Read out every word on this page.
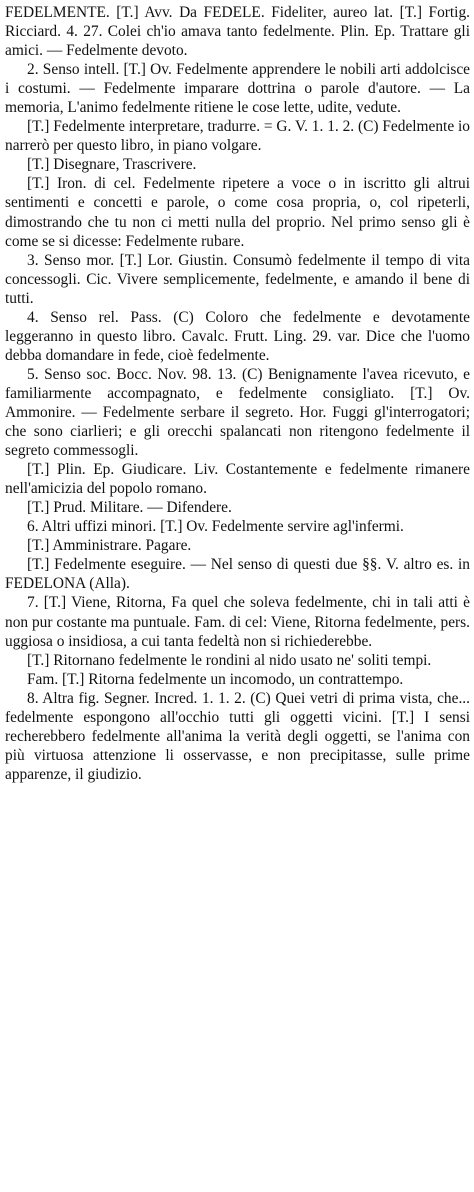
FEDELMENTE. [T.] Avv. Da FEDELE. Fideliter, aureo lat. [T.] Fortig. Ricciard. 4. 27. Colei ch'io amava tanto fedelmente. Plin. Ep. Trattare gli amici. — Fedelmente devoto.

2. Senso intell. [T.] Ov. Fedelmente apprendere le nobili arti addolcisce i costumi. — Fedelmente imparare dottrina o parole d'autore. — La memoria, L'animo fedelmente ritiene le cose lette, udite, vedute.

[T.] Fedelmente interpretare, tradurre. = G. V. 1. 1. 2. (C) Fedelmente io narrerò per questo libro, in piano volgare.

[T.] Disegnare, Trascrivere.

[T.] Iron. di cel. Fedelmente ripetere a voce o in iscritto gli altrui sentimenti e concetti e parole, o come cosa propria, o, col ripeterli, dimostrando che tu non ci metti nulla del proprio. Nel primo senso gli è come se si dicesse: Fedelmente rubare.

3. Senso mor. [T.] Lor. Giustin. Consumò fedelmente il tempo di vita concessogli. Cic. Vivere semplicemente, fedelmente, e amando il bene di tutti.

4. Senso rel. Pass. (C) Coloro che fedelmente e devotamente leggeranno in questo libro. Cavalc. Frutt. Ling. 29. var. Dice che l'uomo debba domandare in fede, cioè fedelmente.

5. Senso soc. Bocc. Nov. 98. 13. (C) Benignamente l'avea ricevuto, e familiarmente accompagnato, e fedelmente consigliato. [T.] Ov. Ammonire. — Fedelmente serbare il segreto. Hor. Fuggi gl'interrogatori; che sono ciarlieri; e gli orecchi spalancati non ritengono fedelmente il segreto commessogli.

[T.] Plin. Ep. Giudicare. Liv. Costantemente e fedelmente rimanere nell'amicizia del popolo romano.

[T.] Prud. Militare. — Difendere.

6. Altri uffizi minori. [T.] Ov. Fedelmente servire agl'infermi.

[T.] Amministrare. Pagare.

[T.] Fedelmente eseguire. — Nel senso di questi due §§. V. altro es. in FEDELONA (Alla).

7. [T.] Viene, Ritorna, Fa quel che soleva fedelmente, chi in tali atti è non pur costante ma puntuale. Fam. di cel: Viene, Ritorna fedelmente, pers. uggiosa o insidiosa, a cui tanta fedeltà non si richiederebbe.

[T.] Ritornano fedelmente le rondini al nido usato ne' soliti tempi.

Fam. [T.] Ritorna fedelmente un incomodo, un contrattempo.

8. Altra fig. Segner. Incred. 1. 1. 2. (C) Quei vetri di prima vista, che... fedelmente espongono all'occhio tutti gli oggetti vicini. [T.] I sensi recherebbero fedelmente all'anima la verità degli oggetti, se l'anima con più virtuosa attenzione li osservasse, e non precipitasse, sulle prime apparenze, il giudizio.
